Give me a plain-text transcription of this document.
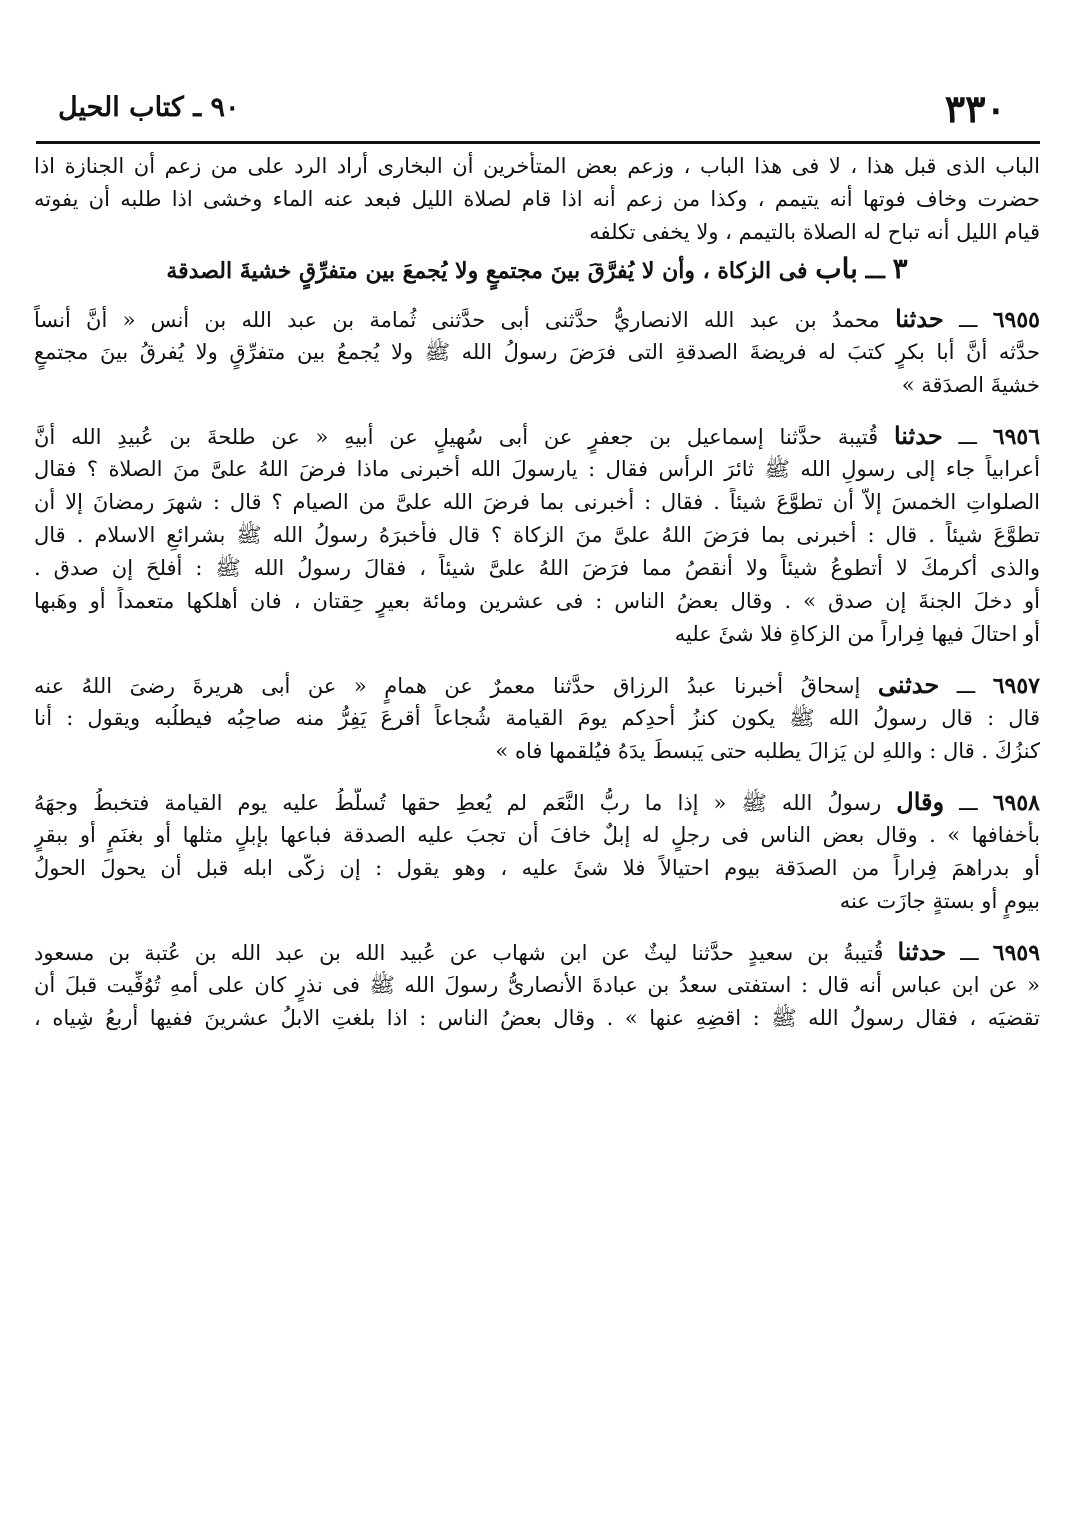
٣٣٠
٩٠ ـ كتاب الحيل
الباب الذى قبل هذا ، لا فى هذا الباب ، وزعم بعض المتأخرين أن البخارى أراد الرد على من زعم أن الجنازة اذا
حضرت وخاف فوتها أنه يتيمم ، وكذا من زعم أنه اذا قام لصلاة الليل فبعد عنه الماء وخشى اذا طلبه أن يفوته
قيام الليل أنه تباح له الصلاة بالتيمم ، ولا يخفى تكلفه
٣ ـــ باب فى الزكاة ، وأن لا يُفرَّقَ بينَ مجتمعٍ ولا يُجمعَ بين متفرِّقٍ خشيةَ الصدقة
٦٩٥٥ ـــ حدثنا محمدُ بن عبد الله الانصاريُّ حدَّثنى أبى حدَّثنى ثُمامة بن عبد الله بن أنس « أنَّ أنساً
حدَّثه أنَّ أبا بكرٍ كتبَ له فريضةَ الصدقةِ التى فرَضَ رسولُ الله ﷺ ولا يُجمعُ بين متفرِّقٍ ولا يُفرقُ بينَ مجتمعٍ
خشيةَ الصدَقة »
٦٩٥٦ ـــ حدثنا قُتيبة حدَّثنا إسماعيل بن جعفرٍ عن أبى سُهيلٍ عن أبيهِ « عن طلحةَ بن عُبيدِ الله أنَّ
أعرابياً جاء إلى رسولِ الله ﷺ ثائرَ الرأس فقال : يارسولَ الله أخبرنى ماذا فرضَ اللهُ علىَّ منَ الصلاة ؟ فقال
الصلواتِ الخمسَ إلاَّ أن تطوَّعَ شيئاً . فقال : أخبرنى بما فرضَ الله علىَّ من الصيام ؟ قال : شهرَ رمضانَ إلا أن
تطوَّعَ شيئاً . قال : أخبرنى بما فرَضَ اللهُ علىَّ منَ الزكاة ؟ قال فأخبرَهُ رسولُ الله ﷺ بشرائعِ الاسلام . قال
والذى أكرمكَ لا أتطوعُ شيئاً ولا أنقصُ مما فرَضَ اللهُ علىَّ شيئاً ، فقالَ رسولُ الله ﷺ : أفلحَ إن صدق .
أو دخلَ الجنةَ إن صدق » . وقال بعضُ الناس : فى عشرين ومائة بعيرٍ حِقتان ، فان أهلكها متعمداً أو وهَبها
أو احتالَ فيها فِراراً من الزكاةِ فلا شئَ عليه
٦٩٥٧ ـــ حدثنى إسحاقُ أخبرنا عبدُ الرزاق حدَّثنا معمرٌ عن همامٍ « عن أبى هريرةَ رضىَ اللهُ عنه
قال : قال رسولُ الله ﷺ يكون كنزُ أحدِكم يومَ القيامة شُجاعاً أقرعَ يَفِرُّ منه صاحِبُه فيطلُبه ويقول : أنا
كنزُكَ . قال : واللهِ لن يَزالَ يطلبه حتى يَبسطَ يدَهُ فيُلقمها فاه »
٦٩٥٨ ـــ وقال رسولُ الله ﷺ « إذا ما ربُّ النَّعَم لم يُعطِ حقها تُسلَّطُ عليه يوم القيامة فتخبطُ وجهَهُ
بأخفافها » . وقال بعض الناس فى رجلٍ له إبلٌ خافَ أن تجبَ عليه الصدقة فباعها بإبلٍ مثلها أو بغنَمٍ أو ببقرٍ
أو بدراهمَ فِراراً من الصدَقة بيوم احتيالاً فلا شئَ عليه ، وهو يقول : إن زكَّى ابله قبل أن يحولَ الحولُ
بيومٍ أو بستةٍ جازَت عنه
٦٩٥٩ ـــ حدثنا قُتيبةُ بن سعيدٍ حدَّثنا ليثٌ عن ابن شهاب عن عُبيد الله بن عبد الله بن عُتبة بن مسعود
« عن ابن عباس أنه قال : استفتى سعدُ بن عبادةَ الأنصارىُّ رسولَ الله ﷺ فى نذرٍ كان على أمهِ تُوُفِّيت قبلَ أن
تقضيَه ، فقال رسولُ الله ﷺ : اقضِهِ عنها » . وقال بعضُ الناس : اذا بلغتِ الابلُ عشرينَ ففيها أربعُ شِياه ،
